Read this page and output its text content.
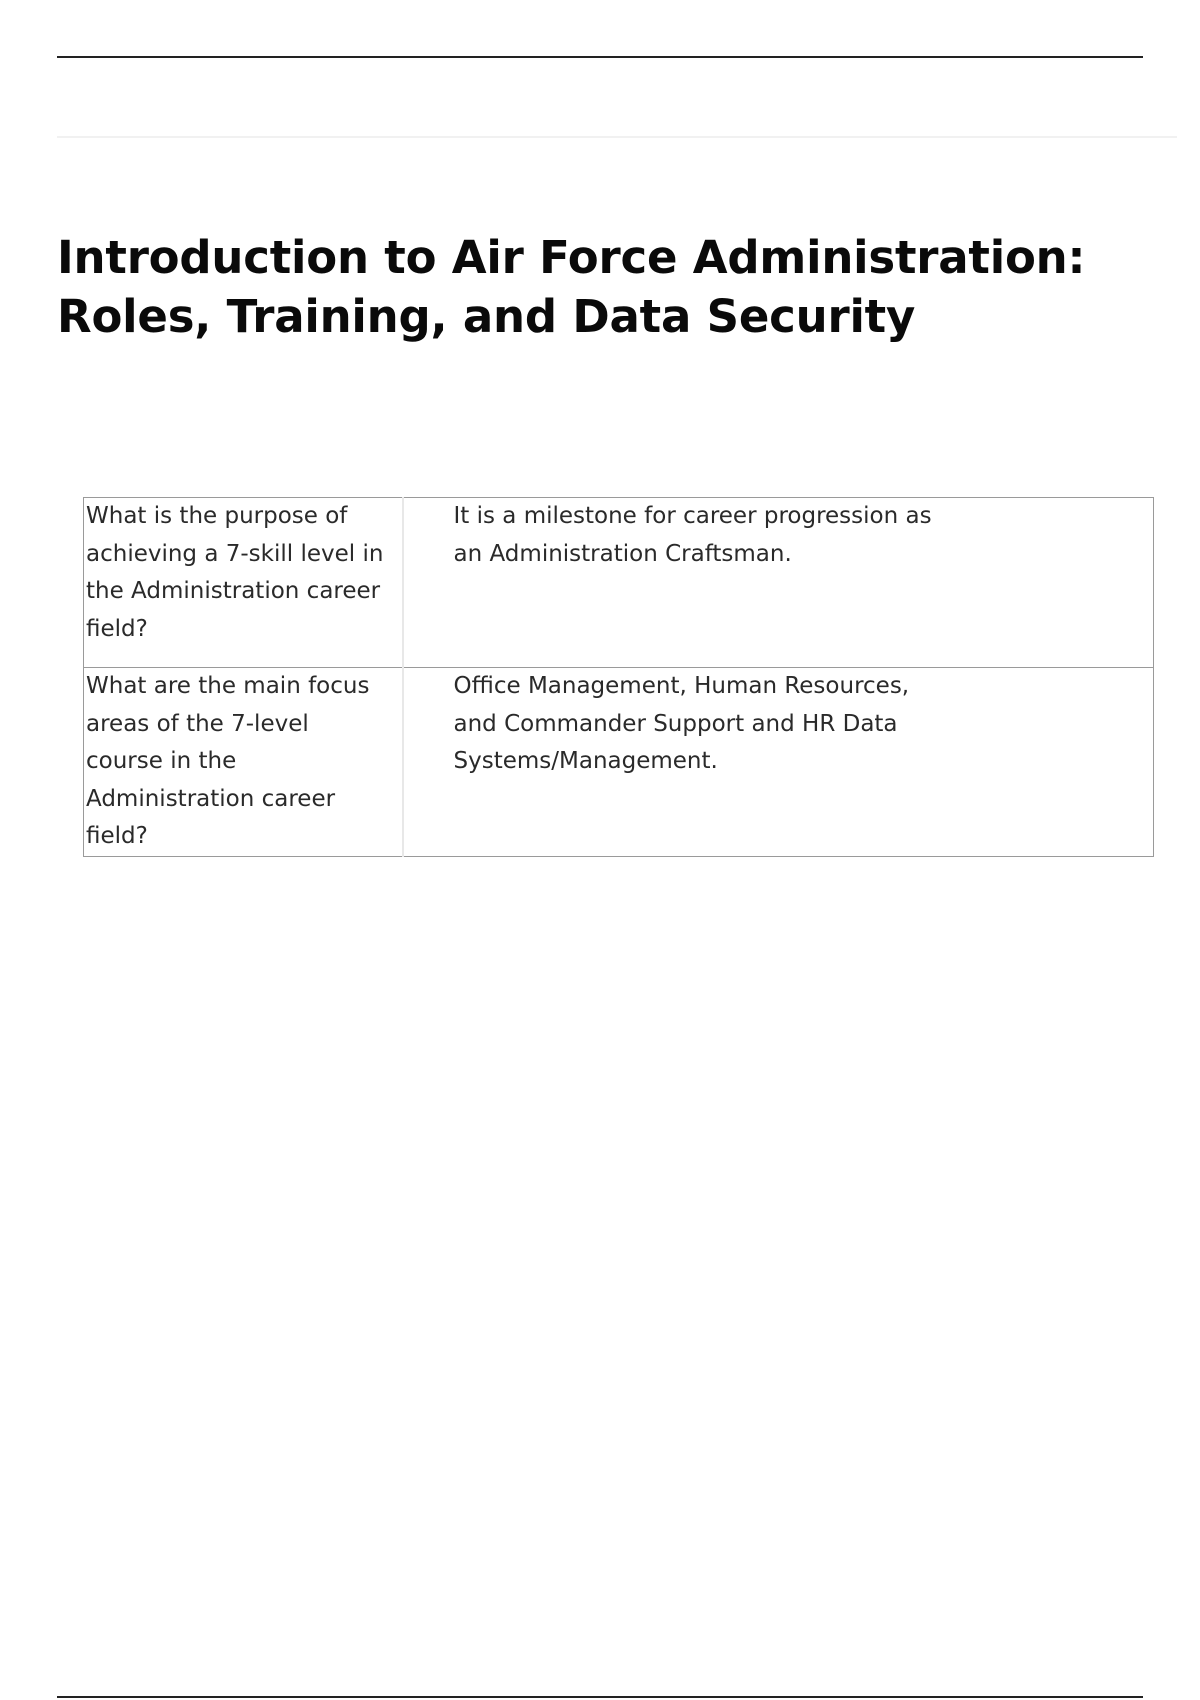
Introduction to Air Force Administration: Roles, Training, and Data Security
What is the purpose of achieving a 7-skill level in the Administration career field?	It is a milestone for career progression as an Administration Craftsman.
What are the main focus areas of the 7-level course in the Administration career field?	Office Management, Human Resources, and Commander Support and HR Data Systems/Management.
